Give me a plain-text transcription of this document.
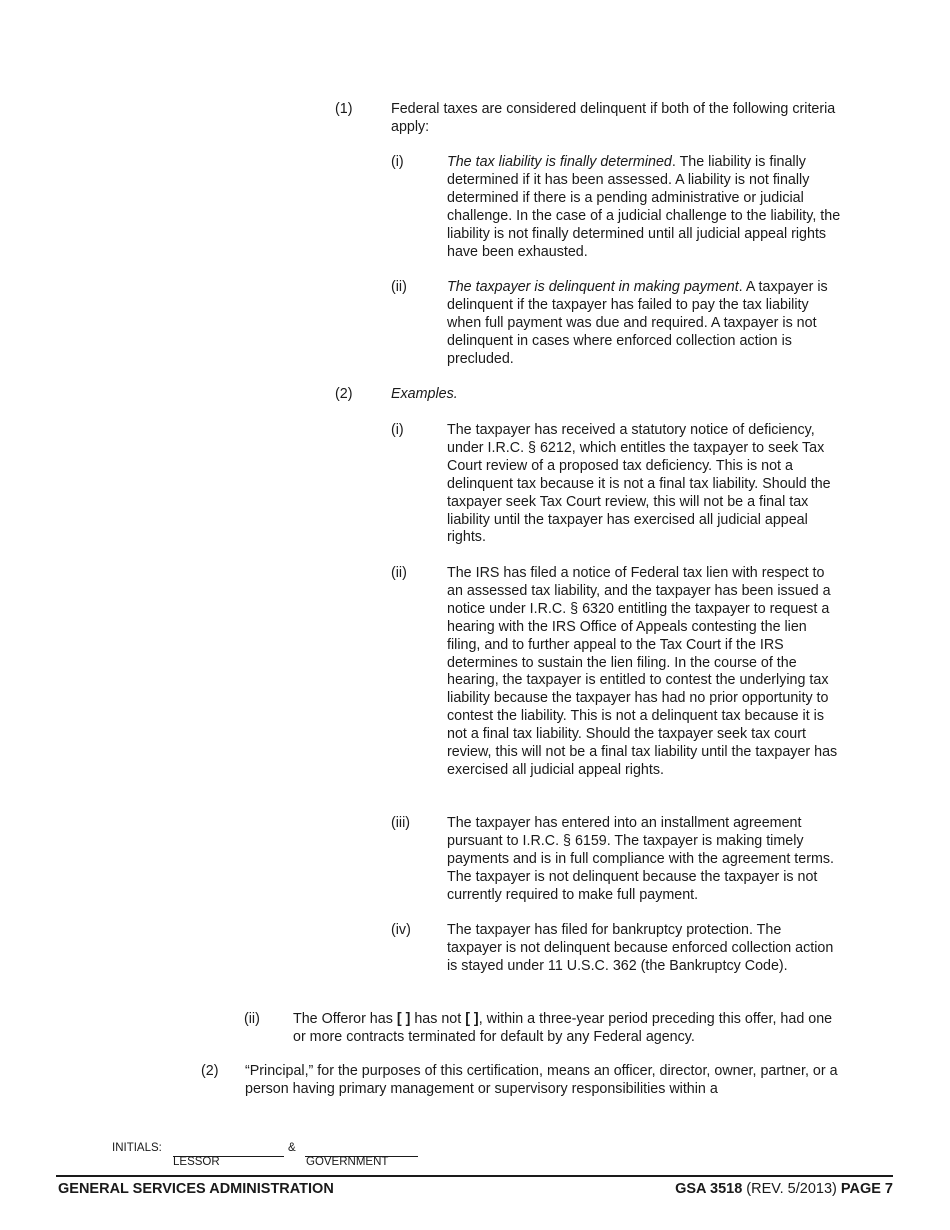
(1)	Federal taxes are considered delinquent if both of the following criteria apply:
(i)	The tax liability is finally determined. The liability is finally determined if it has been assessed. A liability is not finally determined if there is a pending administrative or judicial challenge. In the case of a judicial challenge to the liability, the liability is not finally determined until all judicial appeal rights have been exhausted.
(ii)	The taxpayer is delinquent in making payment. A taxpayer is delinquent if the taxpayer has failed to pay the tax liability when full payment was due and required. A taxpayer is not delinquent in cases where enforced collection action is precluded.
(2)	Examples.
(i)	The taxpayer has received a statutory notice of deficiency, under I.R.C. § 6212, which entitles the taxpayer to seek Tax Court review of a proposed tax deficiency. This is not a delinquent tax because it is not a final tax liability. Should the taxpayer seek Tax Court review, this will not be a final tax liability until the taxpayer has exercised all judicial appeal rights.
(ii)	The IRS has filed a notice of Federal tax lien with respect to an assessed tax liability, and the taxpayer has been issued a notice under I.R.C. § 6320 entitling the taxpayer to request a hearing with the IRS Office of Appeals contesting the lien filing, and to further appeal to the Tax Court if the IRS determines to sustain the lien filing. In the course of the hearing, the taxpayer is entitled to contest the underlying tax liability because the taxpayer has had no prior opportunity to contest the liability. This is not a delinquent tax because it is not a final tax liability. Should the taxpayer seek tax court review, this will not be a final tax liability until the taxpayer has exercised all judicial appeal rights.
(iii)	The taxpayer has entered into an installment agreement pursuant to I.R.C. § 6159. The taxpayer is making timely payments and is in full compliance with the agreement terms. The taxpayer is not delinquent because the taxpayer is not currently required to make full payment.
(iv)	The taxpayer has filed for bankruptcy protection. The taxpayer is not delinquent because enforced collection action is stayed under 11 U.S.C. 362 (the Bankruptcy Code).
(ii) The Offeror has [ ] has not [ ], within a three-year period preceding this offer, had one or more contracts terminated for default by any Federal agency.
(2) “Principal,” for the purposes of this certification, means an officer, director, owner, partner, or a person having primary management or supervisory responsibilities within a
INITIALS:	&
LESSOR	GOVERNMENT
GENERAL SERVICES ADMINISTRATION	GSA 3518 (REV. 5/2013) PAGE 7
